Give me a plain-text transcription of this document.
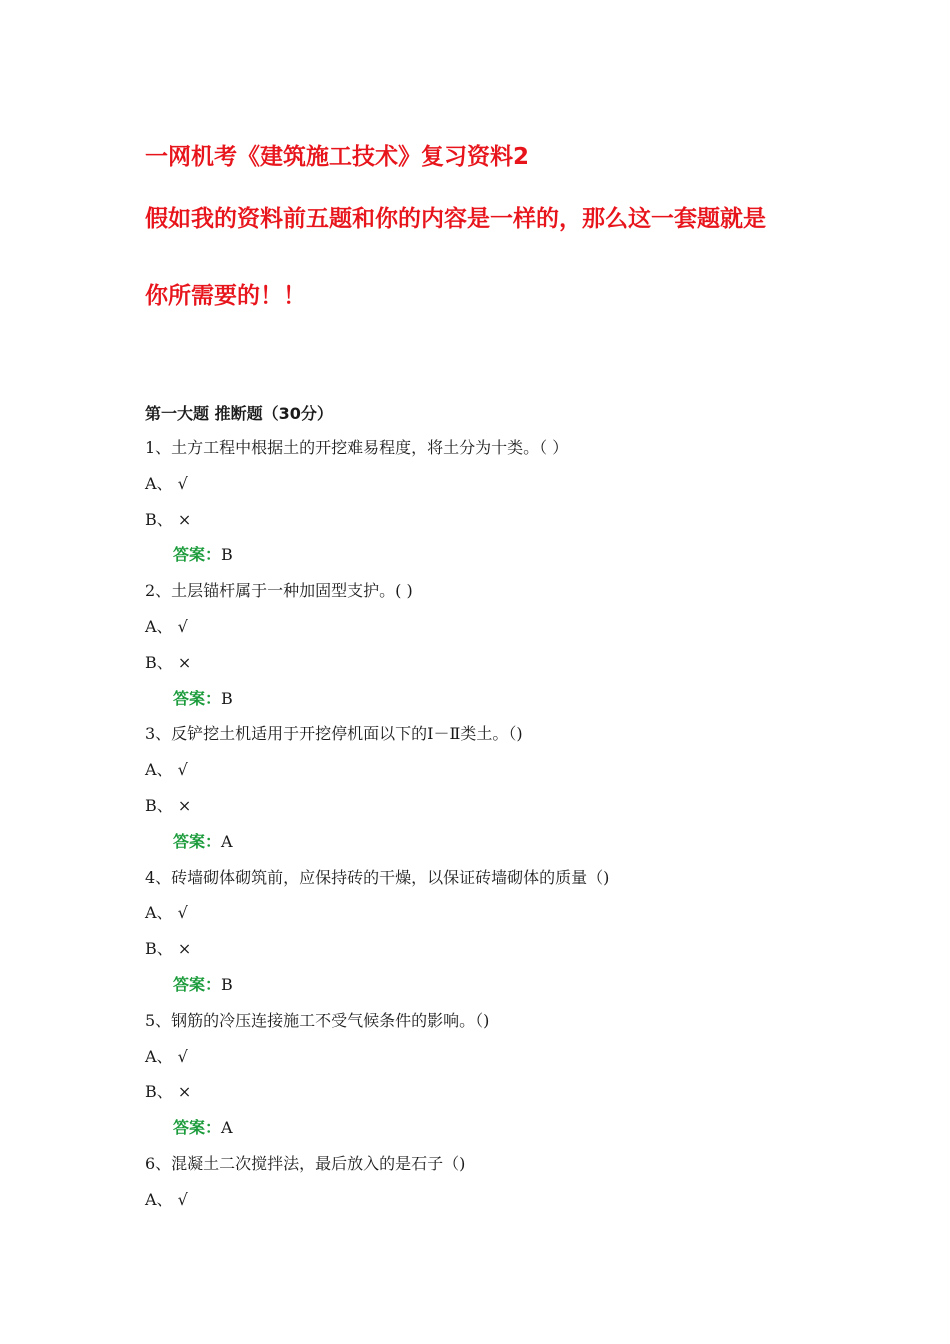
一网机考《建筑施工技术》复习资料2
假如我的资料前五题和你的内容是一样的，那么这一套题就是
你所需要的！！
第一大题 推断题（30分）
1、土方工程中根据土的开挖难易程度，将土分为十类。（ ）
A、 √
B、 ×
答案：B
2、土层锚杆属于一种加固型支护。( )
A、 √
B、 ×
答案：B
3、反铲挖土机适用于开挖停机面以下的Ⅰ－Ⅱ类土。（)
A、 √
B、 ×
答案：A
4、砖墙砌体砌筑前，应保持砖的干燥，以保证砖墙砌体的质量（)
A、 √
B、 ×
答案：B
5、钢筋的冷压连接施工不受气候条件的影响。（)
A、 √
B、 ×
答案：A
6、混凝土二次搅拌法，最后放入的是石子（)
A、 √
